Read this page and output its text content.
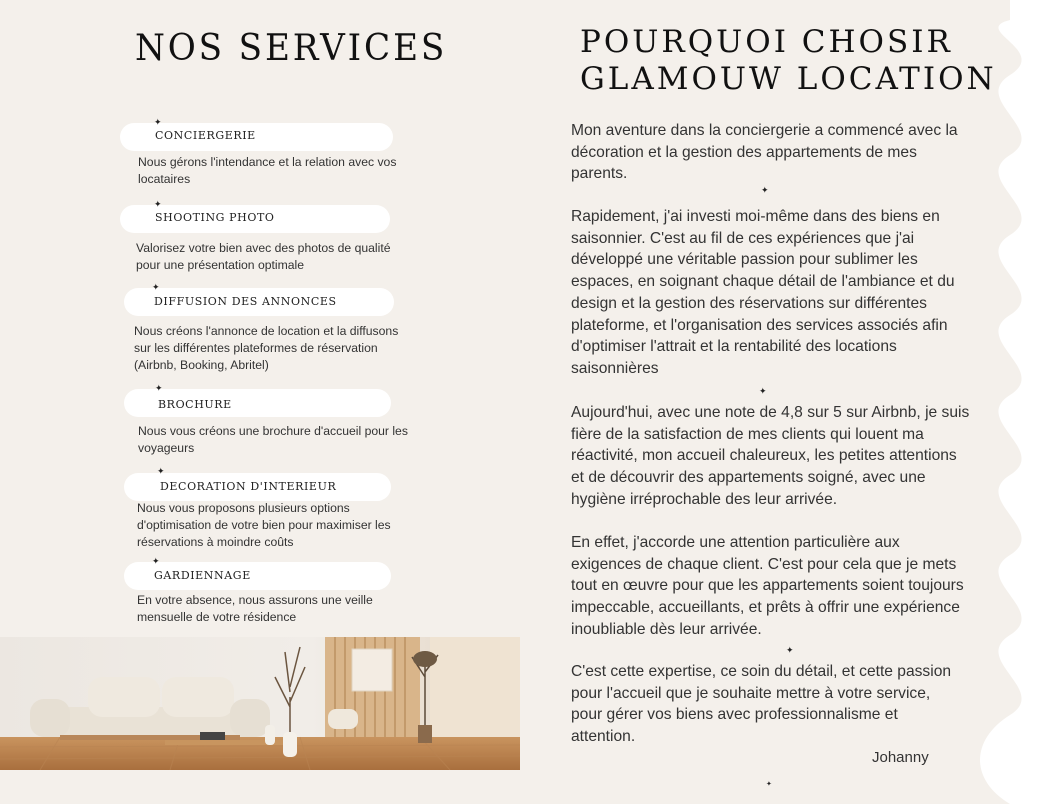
NOS SERVICES
✦
CONCIERGERIE
Nous gérons l'intendance et la relation avec vos locataires
✦
SHOOTING PHOTO
Valorisez votre bien avec des photos de qualité pour une présentation optimale
✦
DIFFUSION DES ANNONCES
Nous créons l'annonce de location et la diffusons sur les différentes plateformes de réservation (Airbnb, Booking, Abritel)
✦
BROCHURE
Nous vous créons une brochure d'accueil pour les voyageurs
✦
DECORATION D'INTERIEUR
Nous vous proposons plusieurs options d'optimisation de votre bien pour maximiser les réservations à moindre coûts
✦
GARDIENNAGE
En votre absence, nous assurons une veille mensuelle de votre résidence
POURQUOI CHOSIR
GLAMOUW LOCATION

Mon aventure dans la conciergerie a commencé avec la décoration et la gestion des appartements de mes parents.

✦

Rapidement, j'ai investi moi-même dans des biens en saisonnier. C'est au fil de ces expériences que j'ai développé une véritable passion pour sublimer les espaces, en soignant chaque détail de l'ambiance et du design et la gestion des réservations sur différentes plateforme, et l'organisation des services associés afin d'optimiser l'attrait et la rentabilité des locations saisonnières

✦

Aujourd'hui, avec une note de 4,8 sur 5 sur Airbnb, je suis fière de la satisfaction de mes clients qui louent ma réactivité, mon accueil chaleureux, les petites attentions et de découvrir des appartements soigné, avec une hygiène irréprochable des leur arrivée.

En effet, j'accorde une attention particulière aux exigences de chaque client. C'est pour cela que je mets tout en œuvre pour que les appartements soient toujours impeccable, accueillants, et prêts à offrir une expérience inoubliable dès leur arrivée.

✦

C'est cette expertise, ce soin du détail, et cette passion pour l'accueil que je souhaite mettre à votre service, pour gérer vos biens avec professionnalisme et attention.

Johanny
✦
